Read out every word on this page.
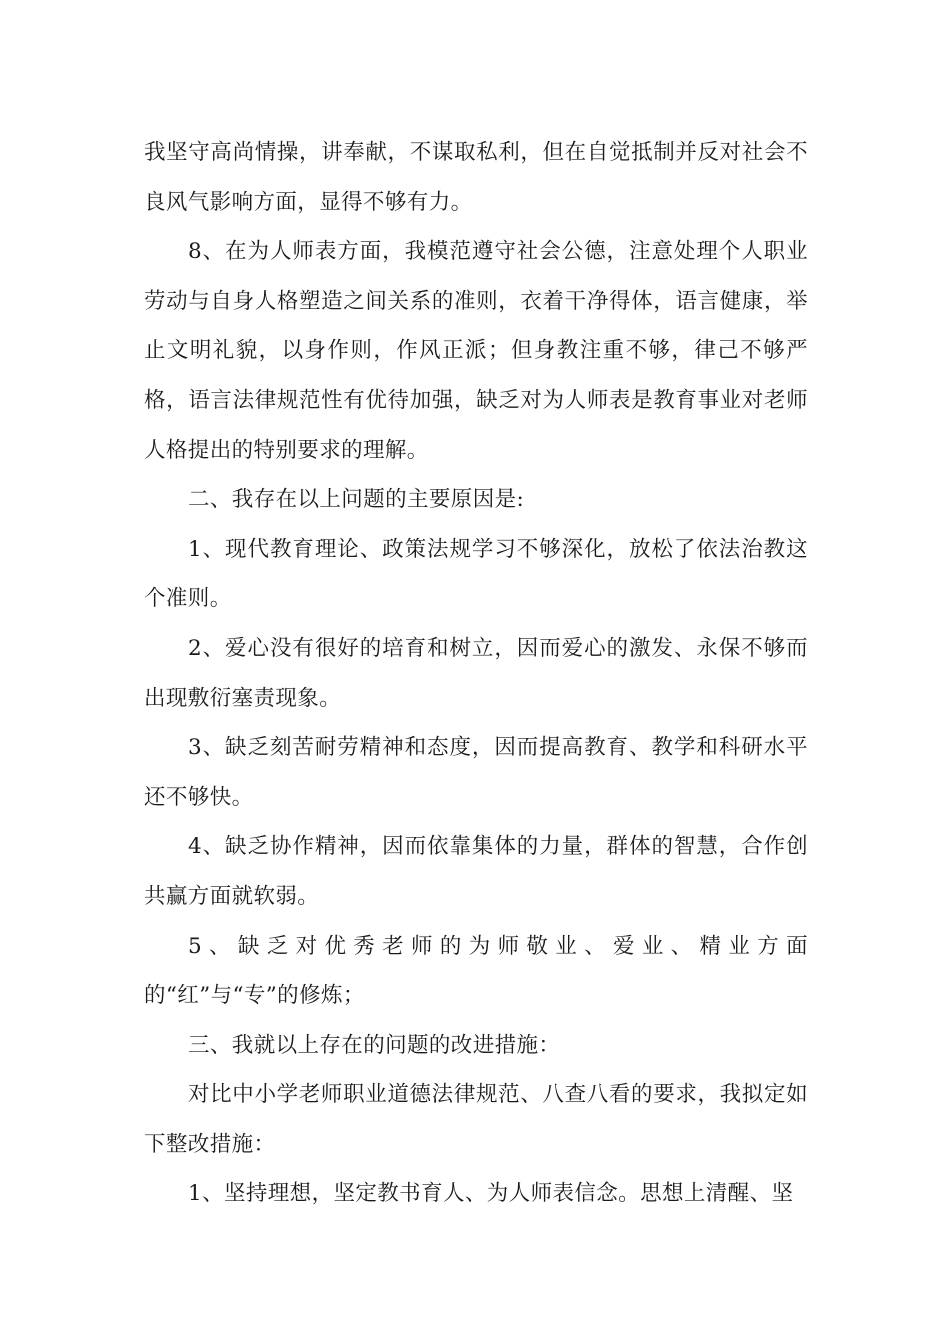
我坚守高尚情操，讲奉献，不谋取私利，但在自觉抵制并反对社会不良风气影响方面，显得不够有力。

8、在为人师表方面，我模范遵守社会公德，注意处理个人职业劳动与自身人格塑造之间关系的准则，衣着干净得体，语言健康，举止文明礼貌，以身作则，作风正派；但身教注重不够，律己不够严格，语言法律规范性有优待加强，缺乏对为人师表是教育事业对老师人格提出的特别要求的理解。

二、我存在以上问题的主要原因是:

1、现代教育理论、政策法规学习不够深化，放松了依法治教这个准则。

2、爱心没有很好的培育和树立，因而爱心的激发、永保不够而出现敷衍塞责现象。

3、缺乏刻苦耐劳精神和态度，因而提高教育、教学和科研水平还不够快。

4、缺乏协作精神，因而依靠集体的力量，群体的智慧，合作创共赢方面就软弱。

5、缺乏对优秀老师的为师敬业、爱业、精业方面的“红”与“专”的修炼；

三、我就以上存在的问题的改进措施：

对比中小学老师职业道德法律规范、八查八看的要求，我拟定如下整改措施：

1、坚持理想，坚定教书育人、为人师表信念。思想上清醒、坚
